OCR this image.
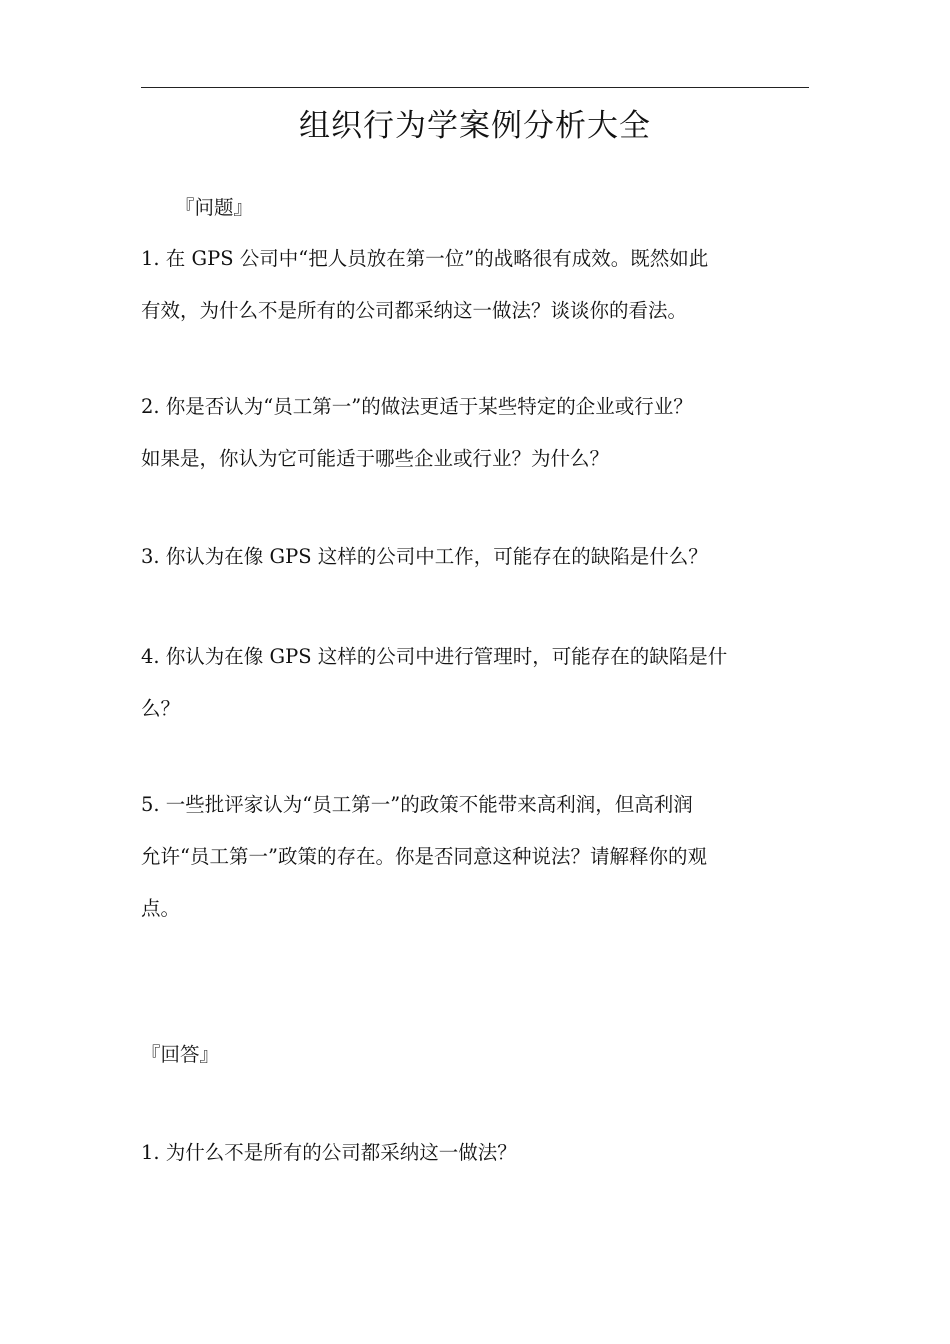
组织行为学案例分析大全
『问题』
1. 在 GPS 公司中“把人员放在第一位”的战略很有成效。既然如此
有效，为什么不是所有的公司都采纳这一做法？谈谈你的看法。
2. 你是否认为“员工第一”的做法更适于某些特定的企业或行业？
如果是，你认为它可能适于哪些企业或行业？为什么？
3. 你认为在像 GPS 这样的公司中工作，可能存在的缺陷是什么？
4. 你认为在像 GPS 这样的公司中进行管理时，可能存在的缺陷是什
么？
5. 一些批评家认为“员工第一”的政策不能带来高利润，但高利润
允许“员工第一”政策的存在。你是否同意这种说法？请解释你的观
点。
『回答』
1. 为什么不是所有的公司都采纳这一做法？
